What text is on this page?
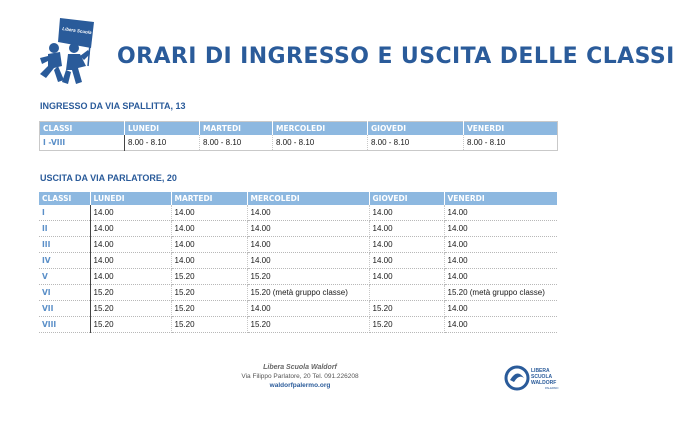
Libera Scuola Waldorf
ORARI DI INGRESSO E USCITA DELLE CLASSI
INGRESSO DA VIA SPALLITTA, 13
CLASSI	LUNEDI	MARTEDI	MERCOLEDI	GIOVEDI	VENERDI
I -VIII	8.00 - 8.10	8.00 - 8.10	8.00 - 8.10	8.00 - 8.10	8.00 - 8.10
USCITA DA VIA PARLATORE, 20
CLASSI	LUNEDI	MARTEDI	MERCOLEDI	GIOVEDI	VENERDI
I	14.00	14.00	14.00	14.00	14.00
II	14.00	14.00	14.00	14.00	14.00
III	14.00	14.00	14.00	14.00	14.00
IV	14.00	14.00	14.00	14.00	14.00
V	14.00	15.20	15.20	14.00	14.00
VI	15.20	15.20	15.20 (metà gruppo classe)		15.20 (metà gruppo classe)
VII	15.20	15.20	14.00	15.20	14.00
VIII	15.20	15.20	15.20	15.20	14.00
Libera Scuola Waldorf
Via Filippo Parlatore, 20 Tel. 091.226208
waldorfpalermo.org
LIBERA
SCUOLA
WALDORF
PALERMO
